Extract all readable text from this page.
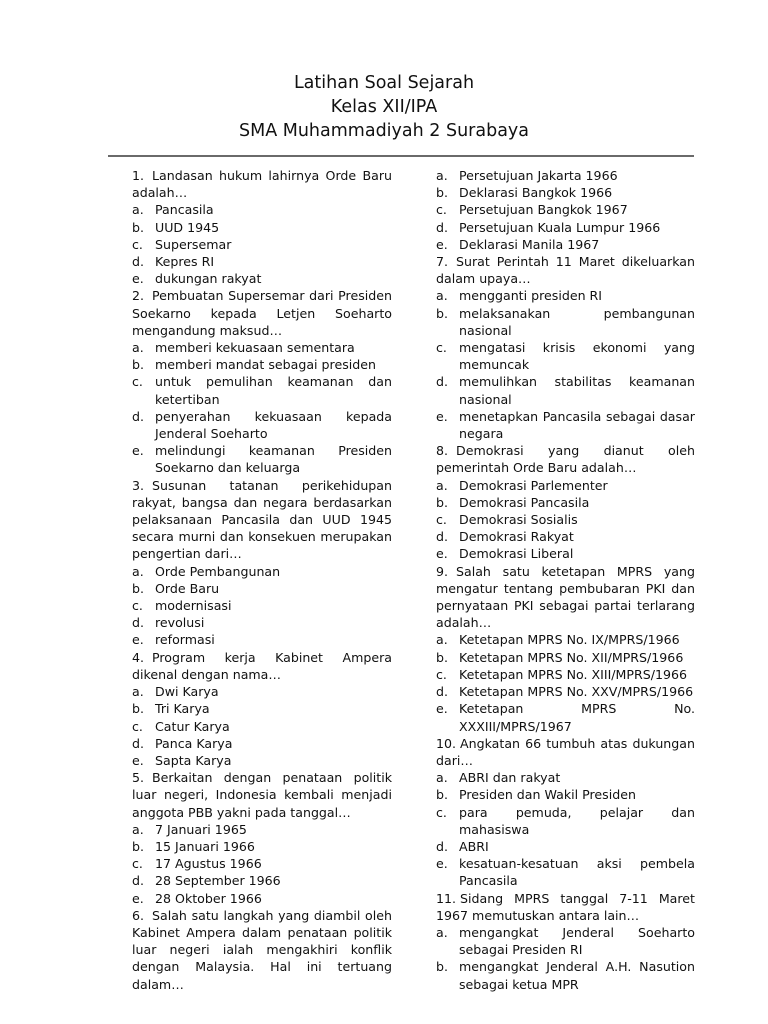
Latihan Soal Sejarah
Kelas XII/IPA
SMA Muhammadiyah 2 Surabaya
1. Landasan hukum lahirnya Orde Baru adalah…
a. Pancasila
b. UUD 1945
c. Supersemar
d. Kepres RI
e. dukungan rakyat
2. Pembuatan Supersemar dari Presiden Soekarno kepada Letjen Soeharto mengandung maksud…
a. memberi kekuasaan sementara
b. memberi mandat sebagai presiden
c. untuk pemulihan keamanan dan ketertiban
d. penyerahan kekuasaan kepada Jenderal Soeharto
e. melindungi keamanan Presiden Soekarno dan keluarga
3. Susunan tatanan perikehidupan rakyat, bangsa dan negara berdasarkan pelaksanaan Pancasila dan UUD 1945 secara murni dan konsekuen merupakan pengertian dari…
a. Orde Pembangunan
b. Orde Baru
c. modernisasi
d. revolusi
e. reformasi
4. Program kerja Kabinet Ampera dikenal dengan nama…
a. Dwi Karya
b. Tri Karya
c. Catur Karya
d. Panca Karya
e. Sapta Karya
5. Berkaitan dengan penataan politik luar negeri, Indonesia kembali menjadi anggota PBB yakni pada tanggal…
a. 7 Januari 1965
b. 15 Januari 1966
c. 17 Agustus 1966
d. 28 September 1966
e. 28 Oktober 1966
6. Salah satu langkah yang diambil oleh Kabinet Ampera dalam penataan politik luar negeri ialah mengakhiri konflik dengan Malaysia. Hal ini tertuang dalam…
a. Persetujuan Jakarta 1966
b. Deklarasi Bangkok 1966
c. Persetujuan Bangkok 1967
d. Persetujuan Kuala Lumpur 1966
e. Deklarasi Manila 1967
7. Surat Perintah 11 Maret dikeluarkan dalam upaya…
a. mengganti presiden RI
b. melaksanakan pembangunan nasional
c. mengatasi krisis ekonomi yang memuncak
d. memulihkan stabilitas keamanan nasional
e. menetapkan Pancasila sebagai dasar negara
8. Demokrasi yang dianut oleh pemerintah Orde Baru adalah…
a. Demokrasi Parlementer
b. Demokrasi Pancasila
c. Demokrasi Sosialis
d. Demokrasi Rakyat
e. Demokrasi Liberal
9. Salah satu ketetapan MPRS yang mengatur tentang pembubaran PKI dan pernyataan PKI sebagai partai terlarang adalah…
a. Ketetapan MPRS No. IX/MPRS/1966
b. Ketetapan MPRS No. XII/MPRS/1966
c. Ketetapan MPRS No. XIII/MPRS/1966
d. Ketetapan MPRS No. XXV/MPRS/1966
e. Ketetapan MPRS No. XXXIII/MPRS/1967
10. Angkatan 66 tumbuh atas dukungan dari…
a. ABRI dan rakyat
b. Presiden dan Wakil Presiden
c. para pemuda, pelajar dan mahasiswa
d. ABRI
e. kesatuan-kesatuan aksi pembela Pancasila
11. Sidang MPRS tanggal 7-11 Maret 1967 memutuskan antara lain…
a. mengangkat Jenderal Soeharto sebagai Presiden RI
b. mengangkat Jenderal A.H. Nasution sebagai ketua MPR
